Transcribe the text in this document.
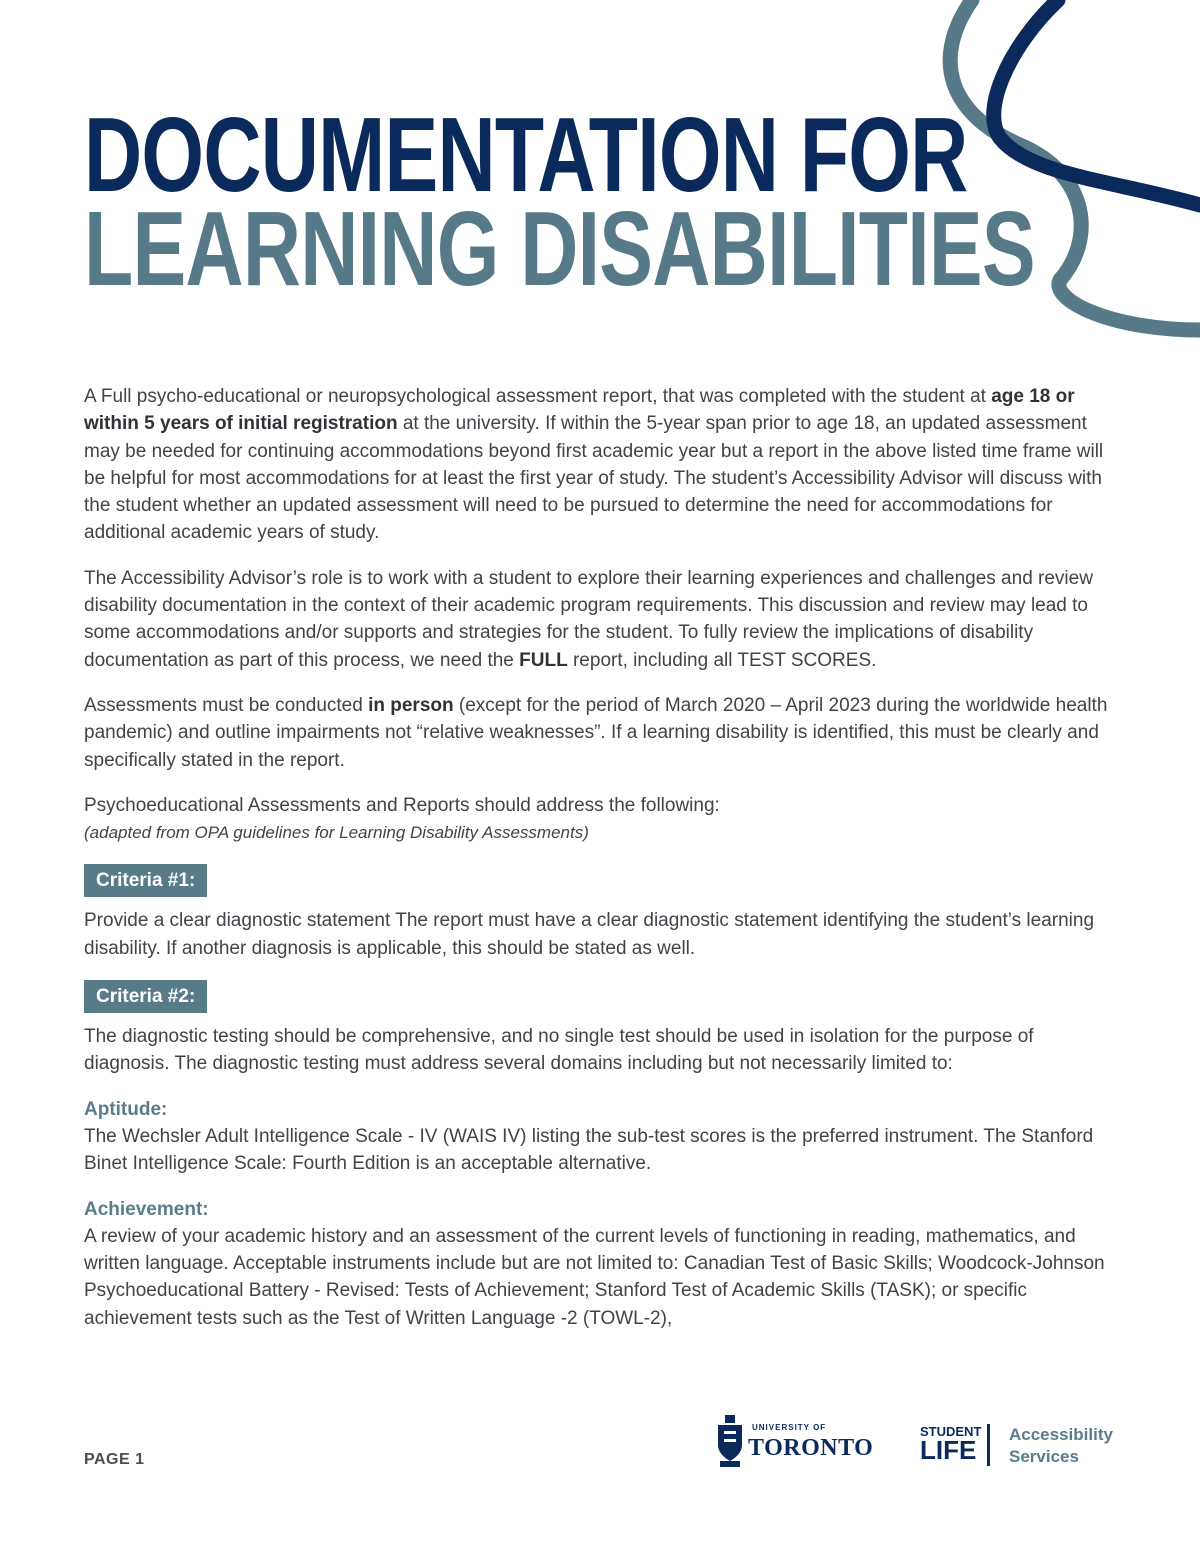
DOCUMENTATION FOR
LEARNING DISABILITIES

A Full psycho-educational or neuropsychological assessment report, that was completed with the student at age 18 or within 5 years of initial registration at the university. If within the 5-year span prior to age 18, an updated assessment may be needed for continuing accommodations beyond first academic year but a report in the above listed time frame will be helpful for most accommodations for at least the first year of study. The student’s Accessibility Advisor will discuss with the student whether an updated assessment will need to be pursued to determine the need for accommodations for additional academic years of study.

The Accessibility Advisor’s role is to work with a student to explore their learning experiences and challenges and review disability documentation in the context of their academic program requirements. This discussion and review may lead to some accommodations and/or supports and strategies for the student. To fully review the implications of disability documentation as part of this process, we need the FULL report, including all TEST SCORES.

Assessments must be conducted in person (except for the period of March 2020 – April 2023 during the worldwide health pandemic) and outline impairments not “relative weaknesses”. If a learning disability is identified, this must be clearly and specifically stated in the report.

Psychoeducational Assessments and Reports should address the following:
(adapted from OPA guidelines for Learning Disability Assessments)

Criteria #1:

Provide a clear diagnostic statement The report must have a clear diagnostic statement identifying the student’s learning disability. If another diagnosis is applicable, this should be stated as well.

Criteria #2:

The diagnostic testing should be comprehensive, and no single test should be used in isolation for the purpose of diagnosis. The diagnostic testing must address several domains including but not necessarily limited to:

Aptitude:
The Wechsler Adult Intelligence Scale - IV (WAIS IV) listing the sub-test scores is the preferred instrument. The Stanford Binet Intelligence Scale: Fourth Edition is an acceptable alternative.

Achievement:
A review of your academic history and an assessment of the current levels of functioning in reading, mathematics, and written language. Acceptable instruments include but are not limited to: Canadian Test of Basic Skills; Woodcock-Johnson Psychoeducational Battery - Revised: Tests of Achievement; Stanford Test of Academic Skills (TASK); or specific achievement tests such as the Test of Written Language -2 (TOWL-2),

PAGE 1
UNIVERSITY OF
TORONTO
STUDENT
LIFE
Accessibility
Services
